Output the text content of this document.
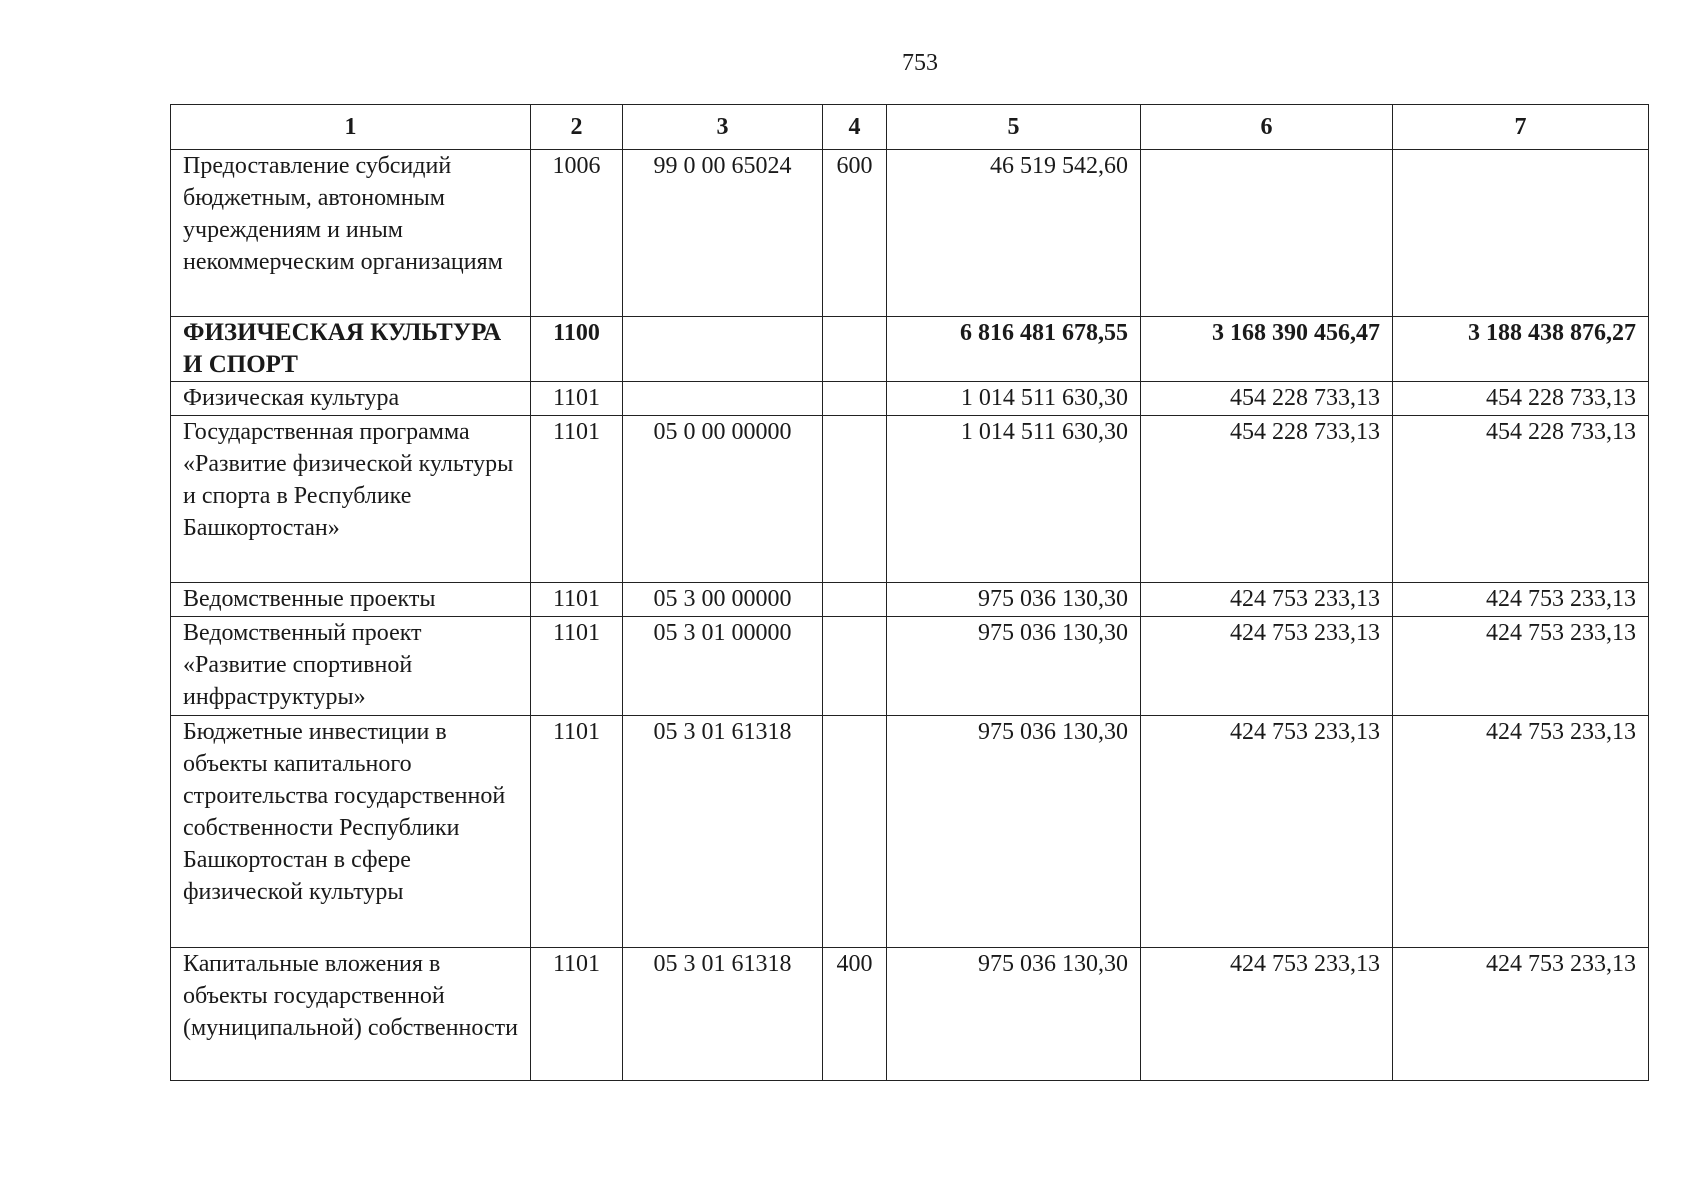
753
1	2	3	4	5	6	7
Предоставление субсидий бюджетным, автономным учреждениям и иным некоммерческим организациям	1006	99 0 00 65024	600	46 519 542,60		
ФИЗИЧЕСКАЯ КУЛЬТУРА И СПОРТ	1100			6 816 481 678,55	3 168 390 456,47	3 188 438 876,27
Физическая культура	1101			1 014 511 630,30	454 228 733,13	454 228 733,13
Государственная программа «Развитие физической культуры и спорта в Республике Башкортостан»	1101	05 0 00 00000		1 014 511 630,30	454 228 733,13	454 228 733,13
Ведомственные проекты	1101	05 3 00 00000		975 036 130,30	424 753 233,13	424 753 233,13
Ведомственный проект «Развитие спортивной инфраструктуры»	1101	05 3 01 00000		975 036 130,30	424 753 233,13	424 753 233,13
Бюджетные инвестиции в объекты капитального строительства государственной собственности Республики Башкортостан в сфере физической культуры	1101	05 3 01 61318		975 036 130,30	424 753 233,13	424 753 233,13
Капитальные вложения в объекты государственной (муниципальной) собственности	1101	05 3 01 61318	400	975 036 130,30	424 753 233,13	424 753 233,13
